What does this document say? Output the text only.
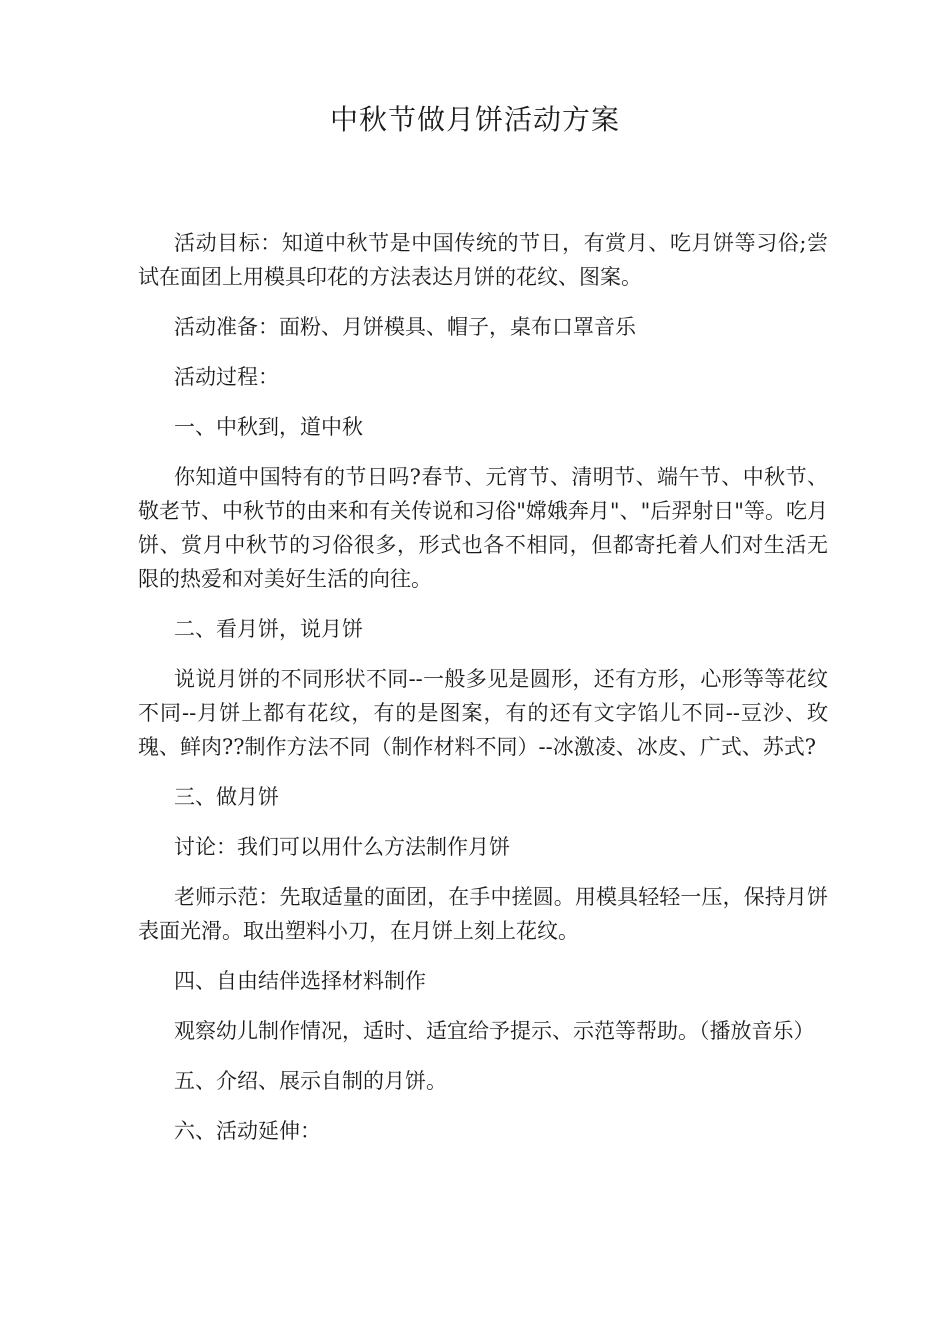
中秋节做月饼活动方案

活动目标：知道中秋节是中国传统的节日，有赏月、吃月饼等习俗;尝试在面团上用模具印花的方法表达月饼的花纹、图案。

活动准备：面粉、月饼模具、帽子，桌布口罩音乐

活动过程：

一、中秋到，道中秋

你知道中国特有的节日吗?春节、元宵节、清明节、端午节、中秋节、敬老节、中秋节的由来和有关传说和习俗"嫦娥奔月"、"后羿射日"等。吃月饼、赏月中秋节的习俗很多，形式也各不相同，但都寄托着人们对生活无限的热爱和对美好生活的向往。

二、看月饼，说月饼

说说月饼的不同形状不同--一般多见是圆形，还有方形，心形等等花纹不同--月饼上都有花纹，有的是图案，有的还有文字馅儿不同--豆沙、玫瑰、鲜肉??制作方法不同（制作材料不同）--冰激凌、冰皮、广式、苏式?

三、做月饼

讨论：我们可以用什么方法制作月饼

老师示范：先取适量的面团，在手中搓圆。用模具轻轻一压，保持月饼表面光滑。取出塑料小刀，在月饼上刻上花纹。

四、自由结伴选择材料制作

观察幼儿制作情况，适时、适宜给予提示、示范等帮助。（播放音乐）

五、介绍、展示自制的月饼。

六、活动延伸：
